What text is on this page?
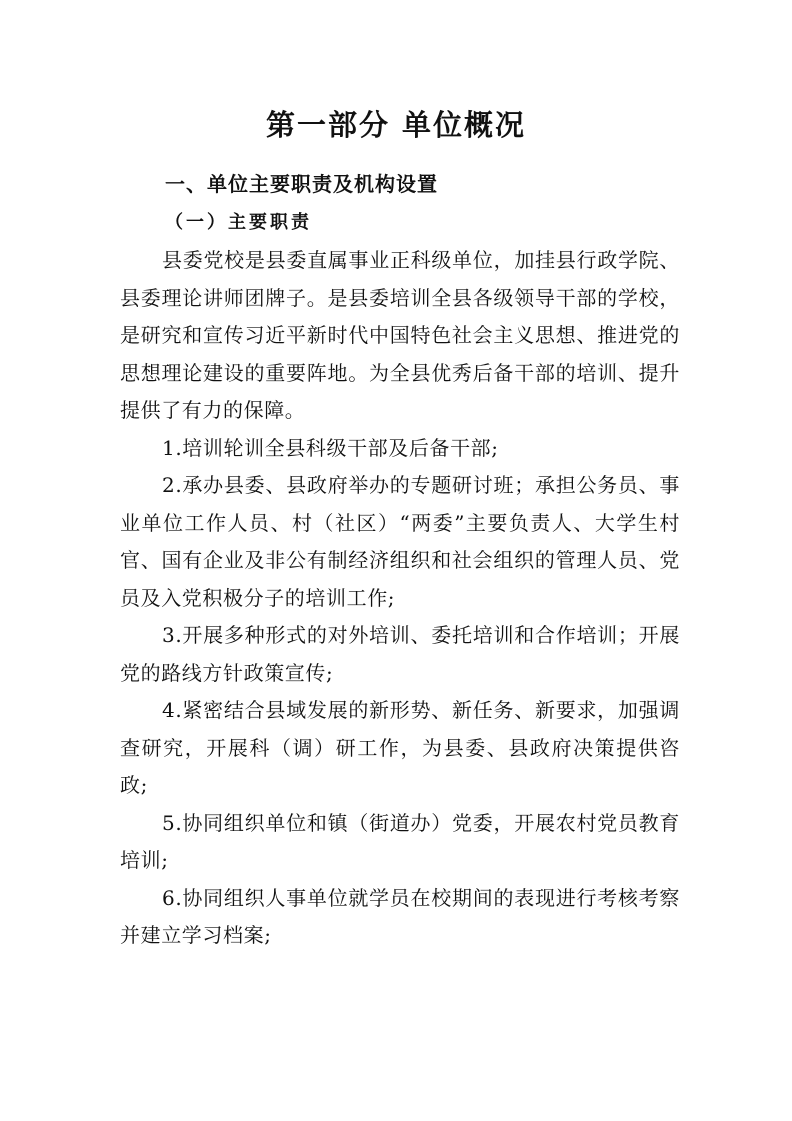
第一部分 单位概况
一、单位主要职责及机构设置
（一）主要职责

县委党校是县委直属事业正科级单位，加挂县行政学院、县委理论讲师团牌子。是县委培训全县各级领导干部的学校，是研究和宣传习近平新时代中国特色社会主义思想、推进党的思想理论建设的重要阵地。为全县优秀后备干部的培训、提升提供了有力的保障。

1.培训轮训全县科级干部及后备干部;

2.承办县委、县政府举办的专题研讨班；承担公务员、事业单位工作人员、村（社区）“两委”主要负责人、大学生村官、国有企业及非公有制经济组织和社会组织的管理人员、党员及入党积极分子的培训工作;

3.开展多种形式的对外培训、委托培训和合作培训；开展党的路线方针政策宣传;

4.紧密结合县域发展的新形势、新任务、新要求，加强调查研究，开展科（调）研工作，为县委、县政府决策提供咨政;

5.协同组织单位和镇（街道办）党委，开展农村党员教育培训;

6.协同组织人事单位就学员在校期间的表现进行考核考察并建立学习档案;
